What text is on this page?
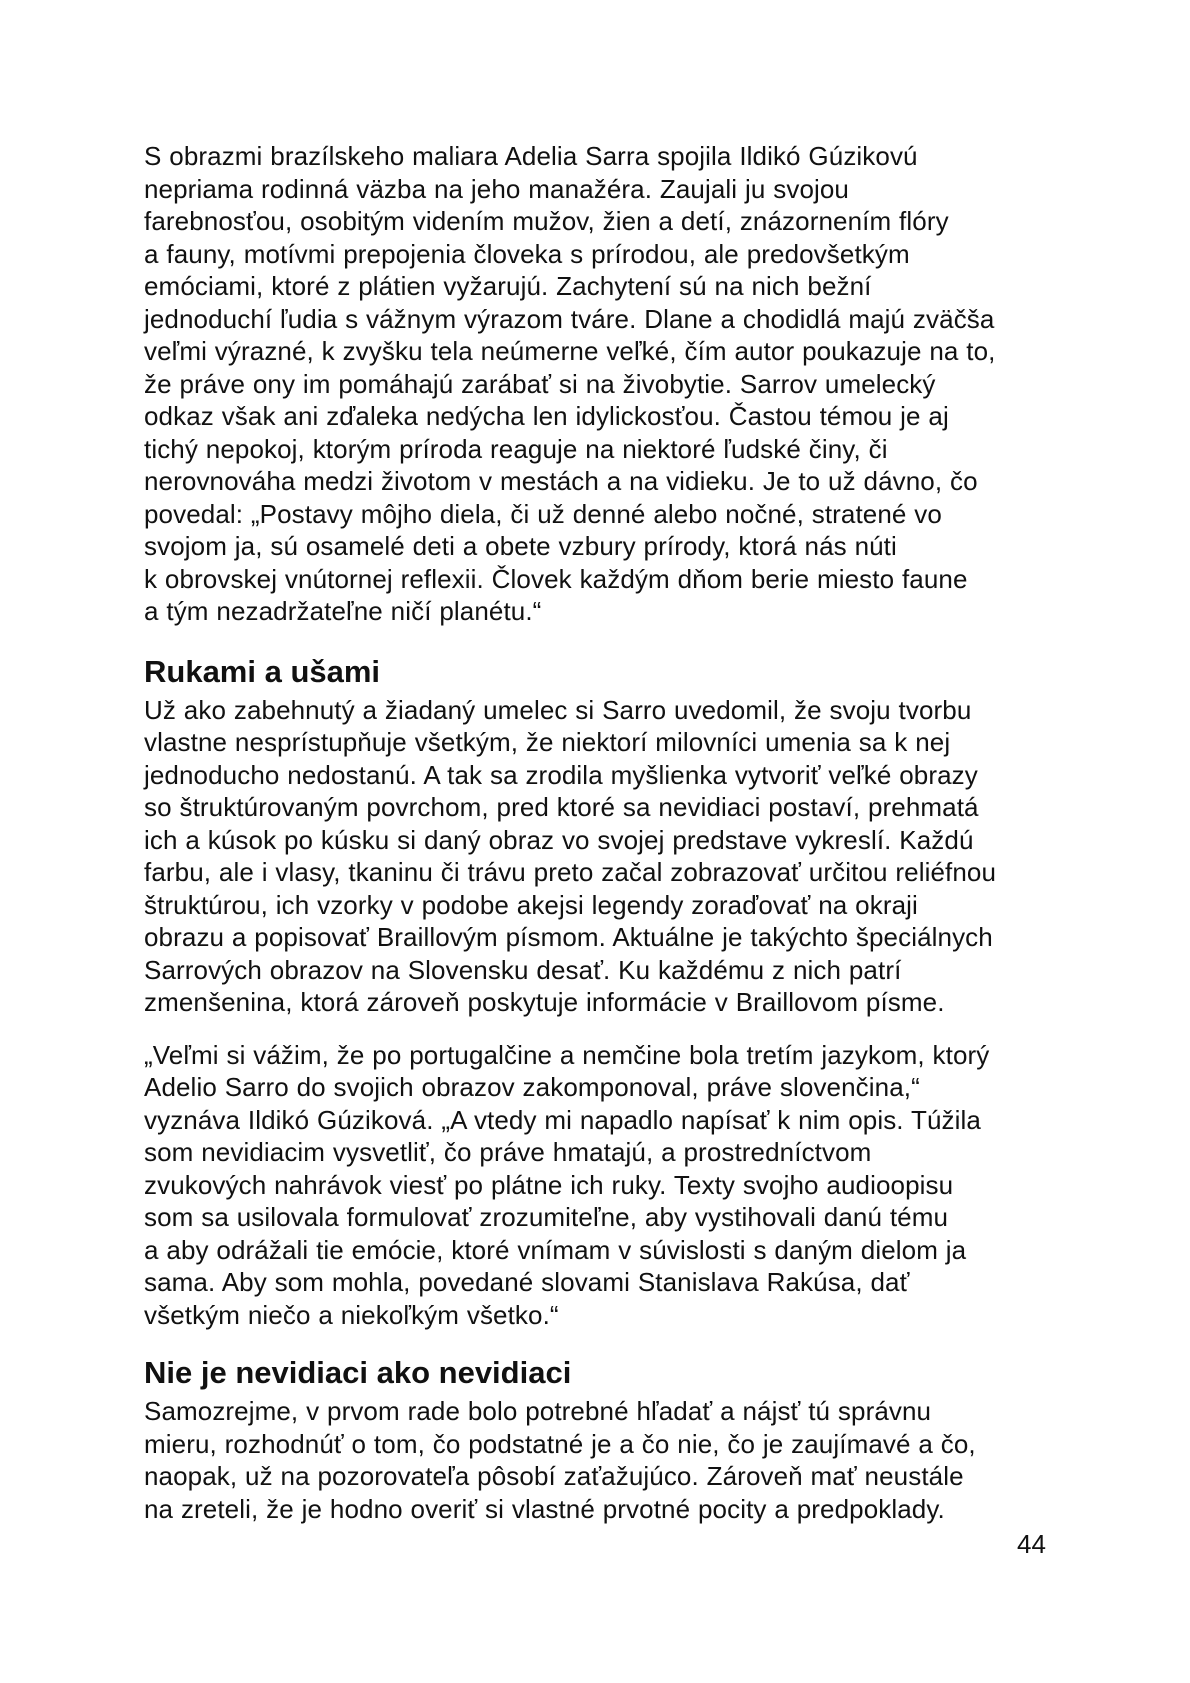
S obrazmi brazílskeho maliara Adelia Sarra spojila Ildikó Gúzikovú
nepriama rodinná väzba na jeho manažéra. Zaujali ju svojou
farebnosťou, osobitým videním mužov, žien a detí, znázornením flóry
a fauny, motívmi prepojenia človeka s prírodou, ale predovšetkým
emóciami, ktoré z plátien vyžarujú. Zachytení sú na nich bežní
jednoduchí ľudia s vážnym výrazom tváre. Dlane a chodidlá majú zväčša
veľmi výrazné, k zvyšku tela neúmerne veľké, čím autor poukazuje na to,
že práve ony im pomáhajú zarábať si na živobytie. Sarrov umelecký
odkaz však ani zďaleka nedýcha len idylickosťou. Častou témou je aj
tichý nepokoj, ktorým príroda reaguje na niektoré ľudské činy, či
nerovnováha medzi životom v mestách a na vidieku. Je to už dávno, čo
povedal: „Postavy môjho diela, či už denné alebo nočné, stratené vo
svojom ja, sú osamelé deti a obete vzbury prírody, ktorá nás núti
k obrovskej vnútornej reflexii. Človek každým dňom berie miesto faune
a tým nezadržateľne ničí planétu.“

Rukami a ušami

Už ako zabehnutý a žiadaný umelec si Sarro uvedomil, že svoju tvorbu
vlastne nesprístupňuje všetkým, že niektorí milovníci umenia sa k nej
jednoducho nedostanú. A tak sa zrodila myšlienka vytvoriť veľké obrazy
so štruktúrovaným povrchom, pred ktoré sa nevidiaci postaví, prehmatá
ich a kúsok po kúsku si daný obraz vo svojej predstave vykreslí. Každú
farbu, ale i vlasy, tkaninu či trávu preto začal zobrazovať určitou reliéfnou
štruktúrou, ich vzorky v podobe akejsi legendy zoraďovať na okraji
obrazu a popisovať Braillovým písmom. Aktuálne je takýchto špeciálnych
Sarrových obrazov na Slovensku desať. Ku každému z nich patrí
zmenšenina, ktorá zároveň poskytuje informácie v Braillovom písme.

„Veľmi si vážim, že po portugalčine a nemčine bola tretím jazykom, ktorý
Adelio Sarro do svojich obrazov zakomponoval, práve slovenčina,“
vyznáva Ildikó Gúziková. „A vtedy mi napadlo napísať k nim opis. Túžila
som nevidiacim vysvetliť, čo práve hmatajú, a prostredníctvom
zvukových nahrávok viesť po plátne ich ruky. Texty svojho audioopisu
som sa usilovala formulovať zrozumiteľne, aby vystihovali danú tému
a aby odrážali tie emócie, ktoré vnímam v súvislosti s daným dielom ja
sama. Aby som mohla, povedané slovami Stanislava Rakúsa, dať
všetkým niečo a niekoľkým všetko.“

Nie je nevidiaci ako nevidiaci

Samozrejme, v prvom rade bolo potrebné hľadať a nájsť tú správnu
mieru, rozhodnúť o tom, čo podstatné je a čo nie, čo je zaujímavé a čo,
naopak, už na pozorovateľa pôsobí zaťažujúco. Zároveň mať neustále
na zreteli, že je hodno overiť si vlastné prvotné pocity a predpoklady.

44
